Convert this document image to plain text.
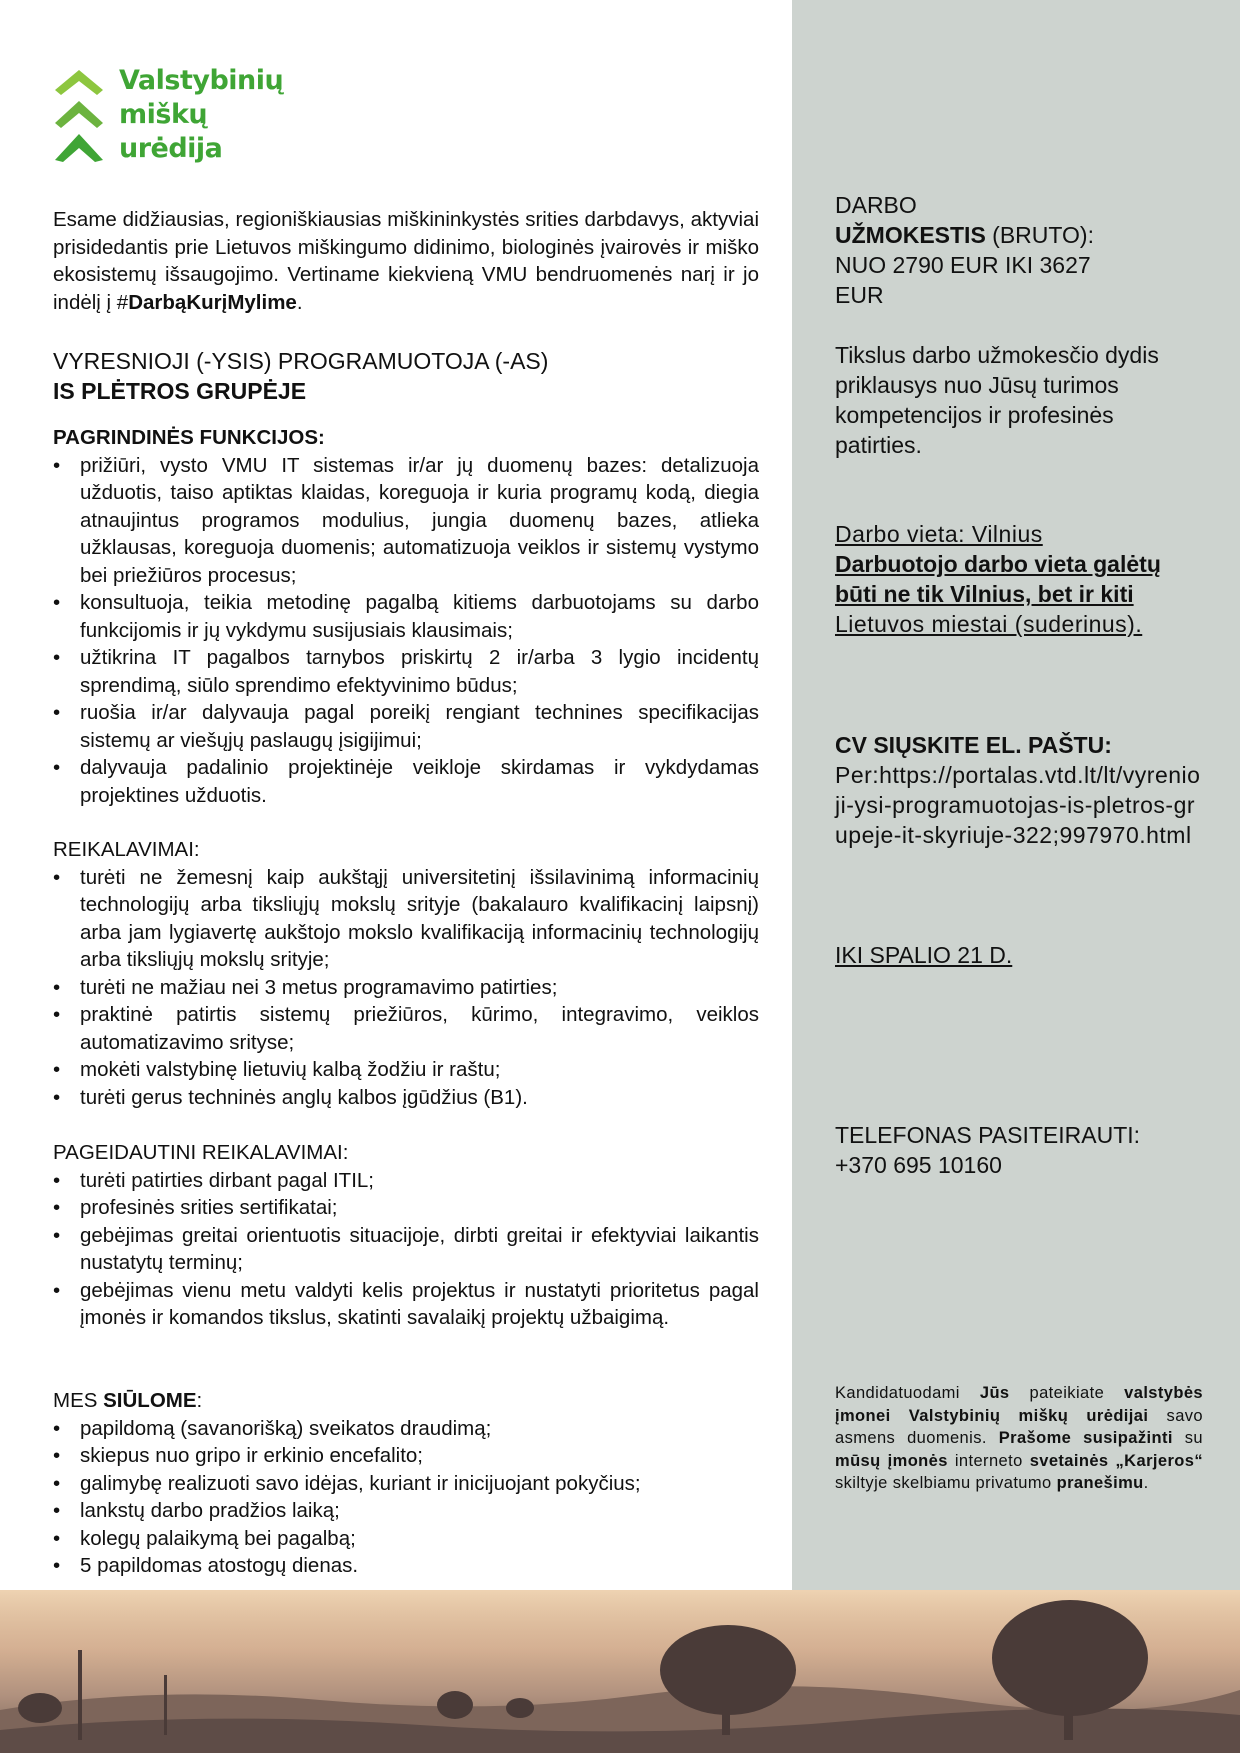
Valstybinių
miškų
urėdija
Esame didžiausias, regioniškiausias miškininkystės srities darbdavys, aktyviai prisidedantis prie Lietuvos miškingumo didinimo, biologinės įvairovės ir miško ekosistemų išsaugojimo. Vertiname kiekvieną VMU bendruomenės narį ir jo indėlį į #DarbąKurįMylime.
VYRESNIOJI (-YSIS) PROGRAMUOTOJA (-AS)
IS PLĖTROS GRUPĖJE
PAGRINDINĖS FUNKCIJOS:
• prižiūri, vysto VMU IT sistemas ir/ar jų duomenų bazes: detalizuoja užduotis, taiso aptiktas klaidas, koreguoja ir kuria programų kodą, diegia atnaujintus programos modulius, jungia duomenų bazes, atlieka užklausas, koreguoja duomenis; automatizuoja veiklos ir sistemų vystymo bei priežiūros procesus;
• konsultuoja, teikia metodinę pagalbą kitiems darbuotojams su darbo funkcijomis ir jų vykdymu susijusiais klausimais;
• užtikrina IT pagalbos tarnybos priskirtų 2 ir/arba 3 lygio incidentų sprendimą, siūlo sprendimo efektyvinimo būdus;
• ruošia ir/ar dalyvauja pagal poreikį rengiant technines specifikacijas sistemų ar viešųjų paslaugų įsigijimui;
• dalyvauja padalinio projektinėje veikloje skirdamas ir vykdydamas projektines užduotis.
REIKALAVIMAI:
• turėti ne žemesnį kaip aukštąjį universitetinį išsilavinimą informacinių technologijų arba tiksliųjų mokslų srityje (bakalauro kvalifikacinį laipsnį) arba jam lygiavertę aukštojo mokslo kvalifikaciją informacinių technologijų arba tiksliųjų mokslų srityje;
• turėti ne mažiau nei 3 metus programavimo patirties;
• praktinė patirtis sistemų priežiūros, kūrimo, integravimo, veiklos automatizavimo srityse;
• mokėti valstybinę lietuvių kalbą žodžiu ir raštu;
• turėti gerus techninės anglų kalbos įgūdžius (B1).
PAGEIDAUTINI REIKALAVIMAI:
• turėti patirties dirbant pagal ITIL;
• profesinės srities sertifikatai;
• gebėjimas greitai orientuotis situacijoje, dirbti greitai ir efektyviai laikantis nustatytų terminų;
• gebėjimas vienu metu valdyti kelis projektus ir nustatyti prioritetus pagal įmonės ir komandos tikslus, skatinti savalaikį projektų užbaigimą.
MES SIŪLOME:
• papildomą (savanorišką) sveikatos draudimą;
• skiepus nuo gripo ir erkinio encefalito;
• galimybę realizuoti savo idėjas, kuriant ir inicijuojant pokyčius;
• lankstų darbo pradžios laiką;
• kolegų palaikymą bei pagalbą;
• 5 papildomas atostogų dienas.
DARBO
UŽMOKESTIS (BRUTO):
NUO 2790 EUR IKI 3627
EUR
Tikslus darbo užmokesčio dydis priklausys nuo Jūsų turimos kompetencijos ir profesinės patirties.
Darbo vieta: Vilnius
Darbuotojo darbo vieta galėtų būti ne tik Vilnius, bet ir kiti
Lietuvos miestai (suderinus).
CV SIŲSKITE EL. PAŠTU:
Per:https://portalas.vtd.lt/lt/vyrenioji-ysi-programuotojas-is-pletros-grupeje-it-skyriuje-322;997970.html
IKI SPALIO 21 D.
TELEFONAS PASITEIRAUTI:
+370 695 10160
Kandidatuodami Jūs pateikiate valstybės įmonei Valstybinių miškų urėdijai savo asmens duomenis. Prašome susipažinti su mūsų įmonės interneto svetainės „Karjeros“ skiltyje skelbiamu privatumo pranešimu.
